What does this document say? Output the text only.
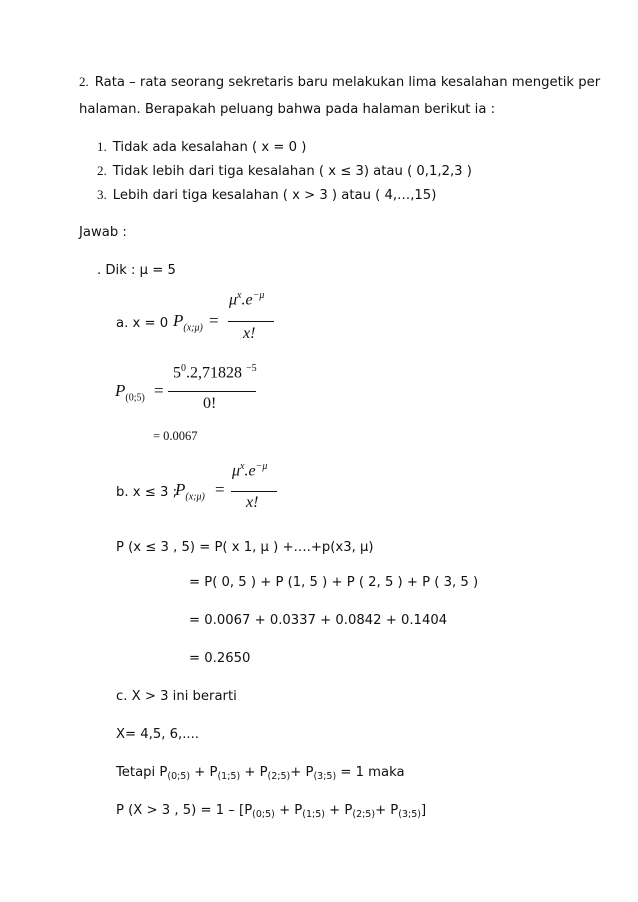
2. Rata – rata seorang sekretaris baru melakukan lima kesalahan mengetik per
halaman. Berapakah peluang bahwa pada halaman berikut ia :
1. Tidak ada kesalahan ( x = 0 )
2. Tidak lebih dari tiga kesalahan ( x ≤ 3) atau ( 0,1,2,3 )
3. Lebih dari tiga kesalahan ( x > 3 ) atau ( 4,…,15)
Jawab :
. Dik : μ = 5
a. x = 0 $P_{(x;\mu)}$ =
$\mu^x.e^{-\mu}$
x!
$P_{(0;5)}$ =
$5^0.2,71828$ $^{-5}$
0!
= 0.0067
b. x ≤ 3 ;
$P_{(x;\mu)}$ =
$\mu^x.e^{-\mu}$
x!
P (x ≤ 3 , 5) = P( x 1, μ ) +….+p(x3, μ)
= P( 0, 5 ) + P (1, 5 ) + P ( 2, 5 ) + P ( 3, 5 )
= 0.0067 + 0.0337 + 0.0842 + 0.1404
= 0.2650
c. X > 3 ini berarti
X= 4,5, 6,....
Tetapi $P_{(0;5)} + P_{(1;5)} + P_{(2;5)}+ P_{(3;5)} = 1$ maka
P (X > 3 , $5) = 1 - [P_{(0;5)} + P_{(1;5)} + P_{(2;5)}+ P_{(3;5)}]$
